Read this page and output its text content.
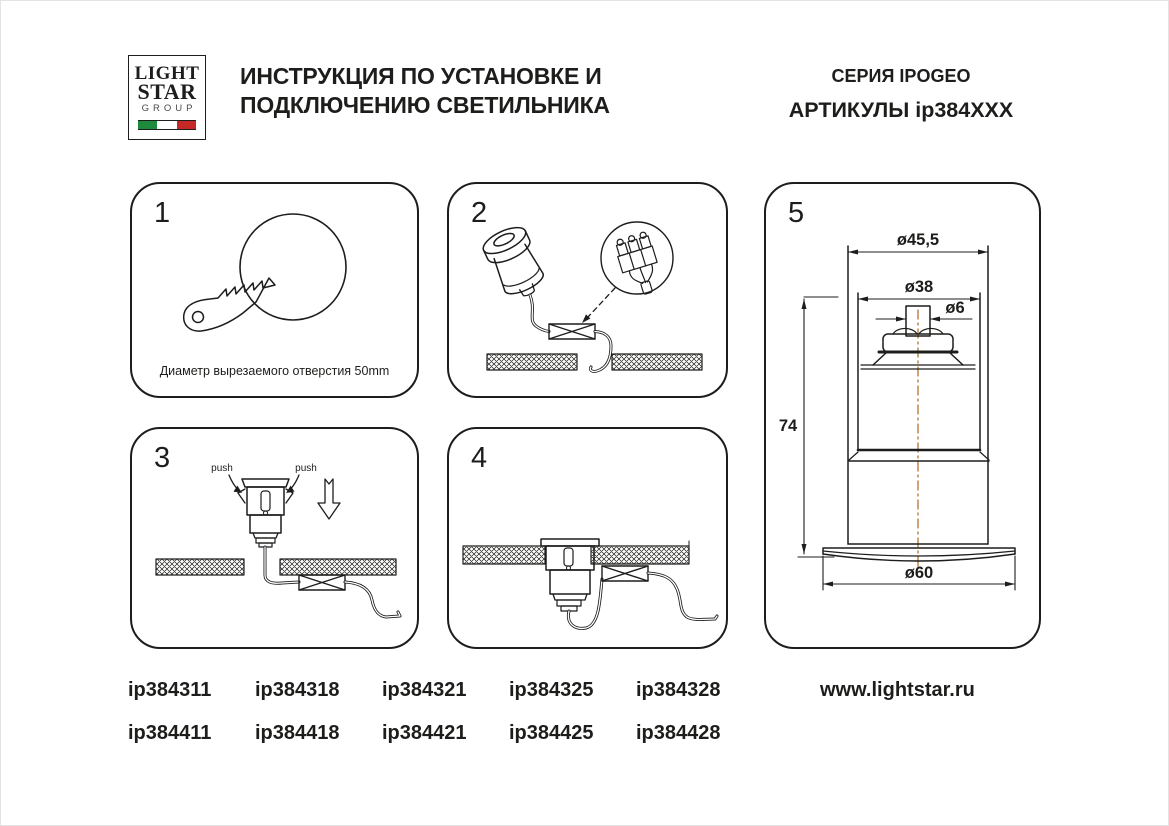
LIGHT
STAR
GROUP
ИНСТРУКЦИЯ ПО УСТАНОВКЕ И
ПОДКЛЮЧЕНИЮ СВЕТИЛЬНИКА
СЕРИЯ IPOGEO
АРТИКУЛЫ ip384XXX
1
Диаметр вырезаемого отверстия 50mm
2
3	push	push	4
5
ø45,5
ø38
ø6
74
ø60
ip384311	ip384318	ip384321	ip384325	ip384328
ip384411	ip384418	ip384421	ip384425	ip384428
www.lightstar.ru
